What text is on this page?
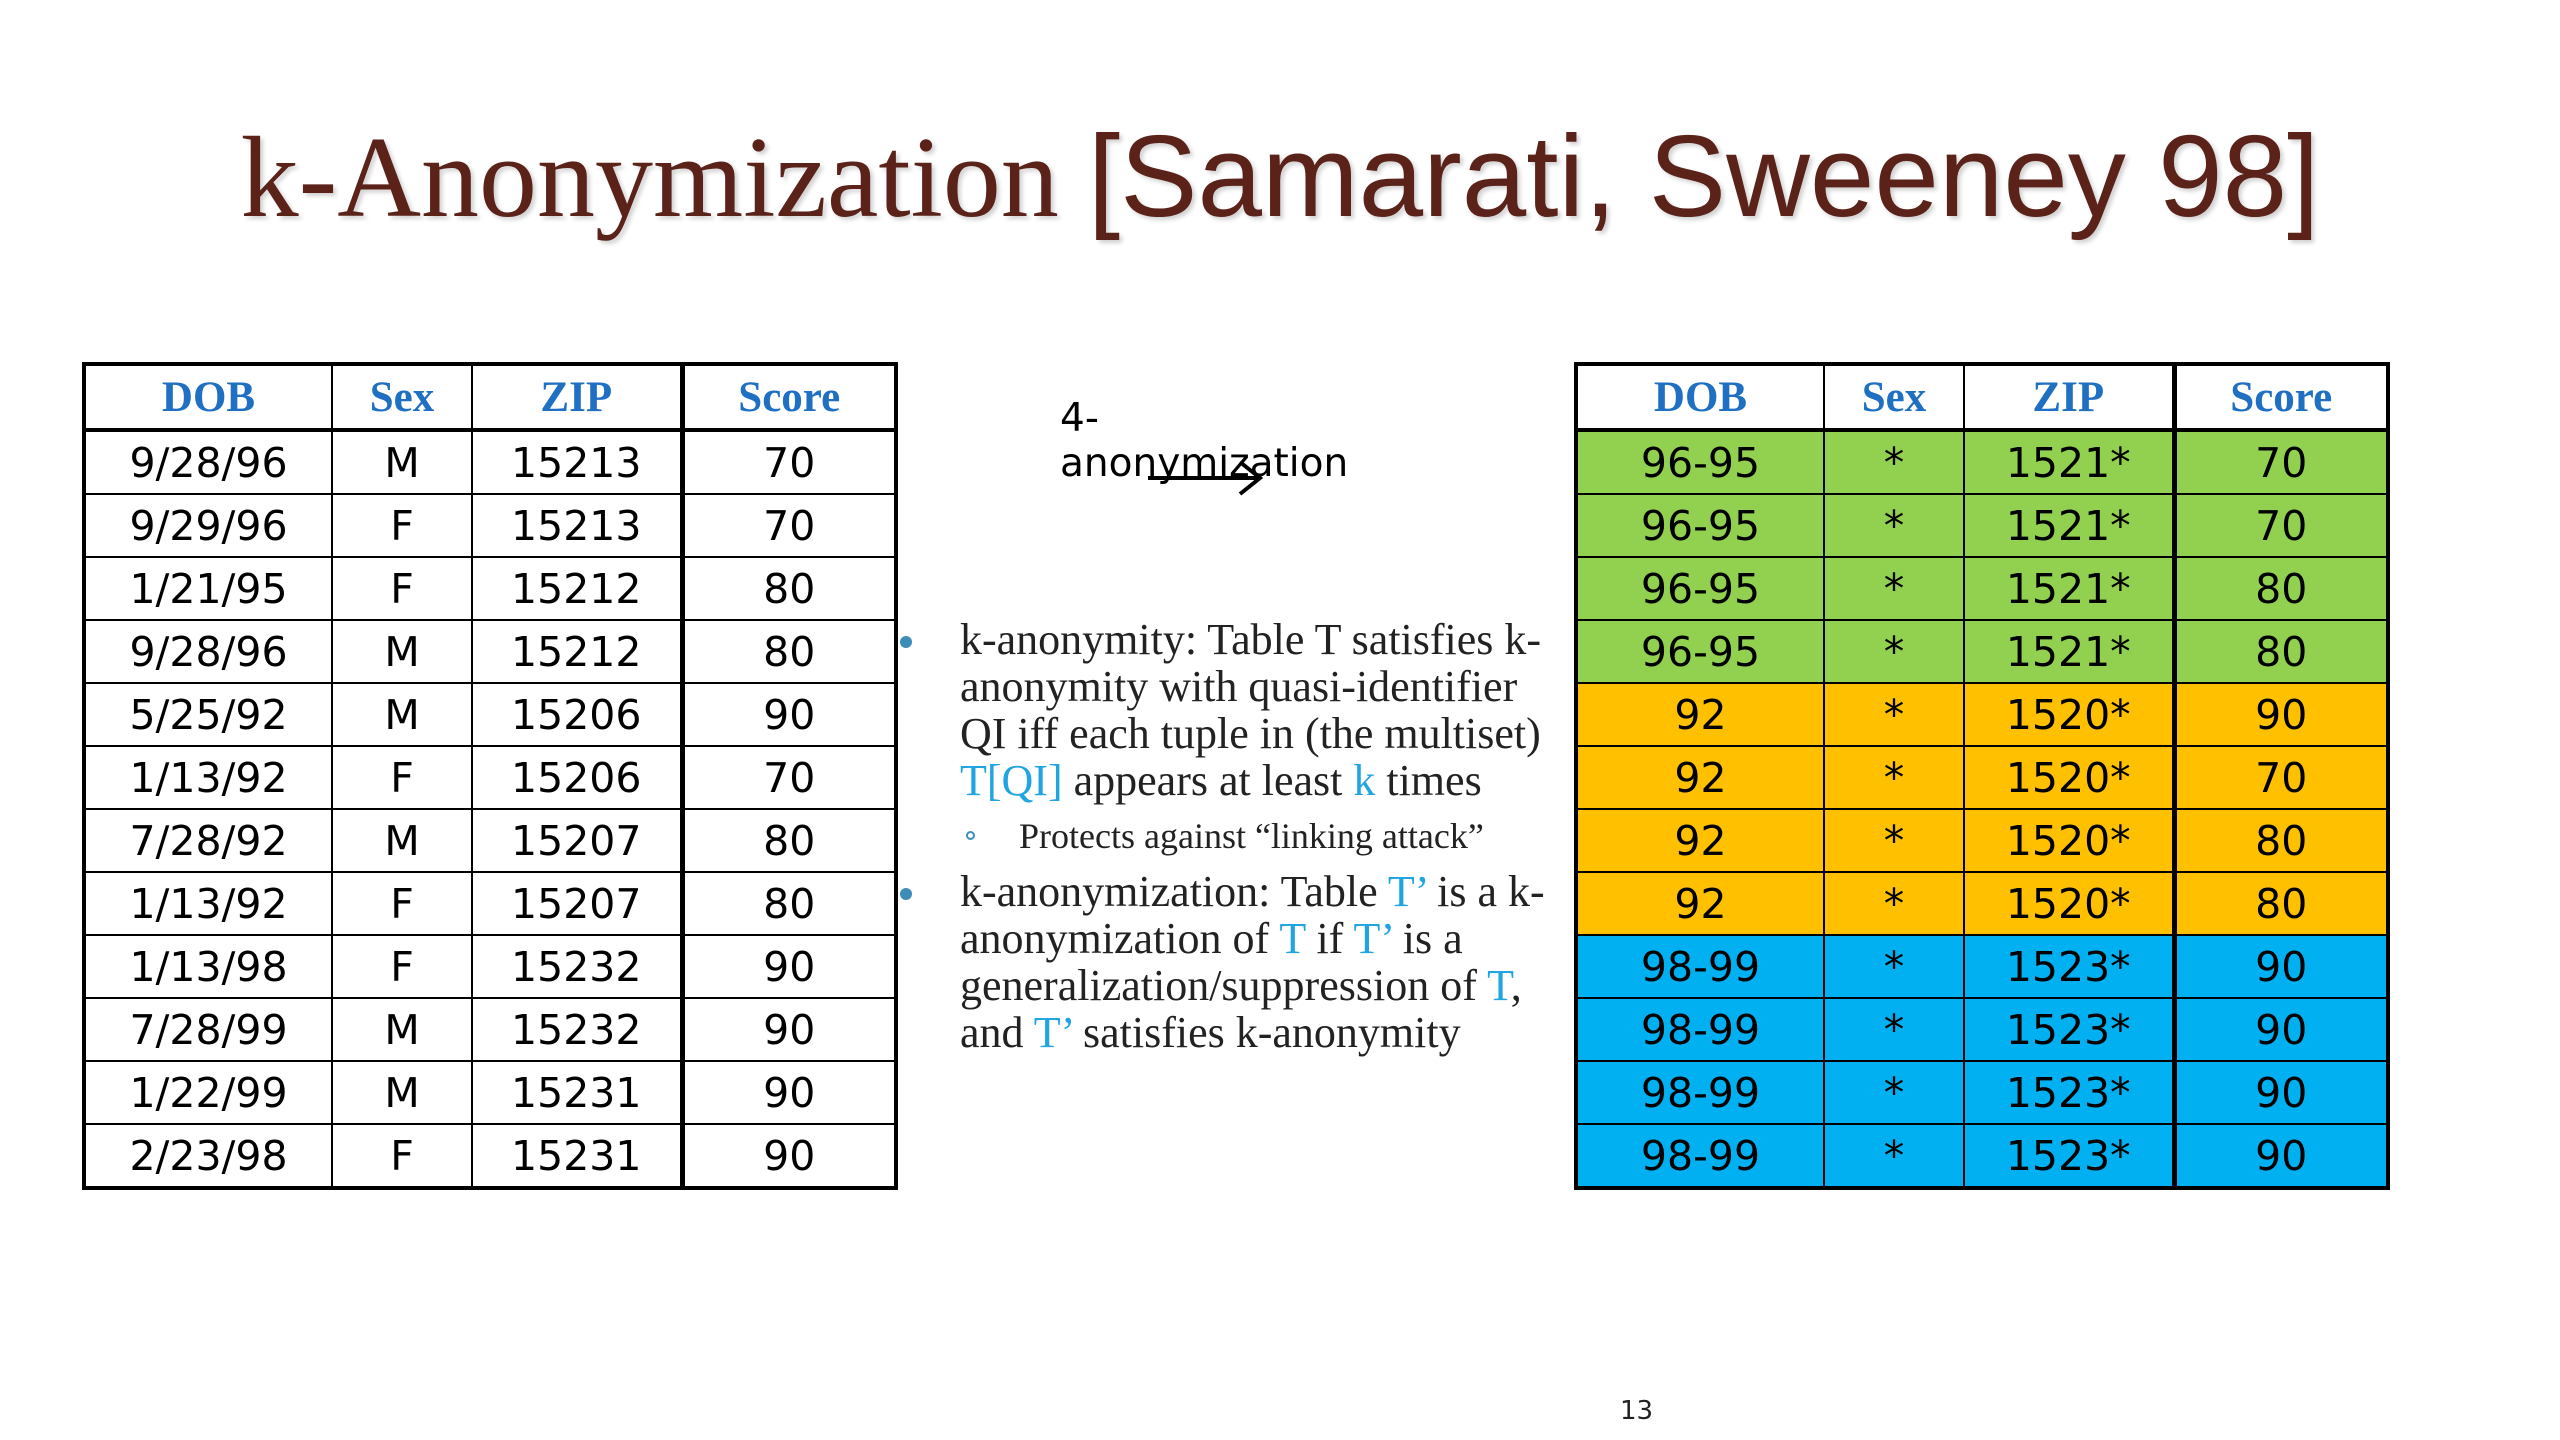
k-Anonymization [Samarati, Sweeney 98]
DOB	Sex	ZIP	Score
9/28/96	M	15213	70
9/29/96	F	15213	70
1/21/95	F	15212	80
9/28/96	M	15212	80
5/25/92	M	15206	90
1/13/92	F	15206	70
7/28/92	M	15207	80
1/13/92	F	15207	80
1/13/98	F	15232	90
7/28/99	M	15232	90
1/22/99	M	15231	90
2/23/98	F	15231	90
4-anonymization
k-anonymity: Table T satisfies k-anonymity with quasi-identifier QI iff each tuple in (the multiset) T[QI] appears at least k times
Protects against “linking attack”
k-anonymization: Table T’ is a k-anonymization of T if T’ is a generalization/suppression of T, and T’ satisfies k-anonymity
DOB	Sex	ZIP	Score
96-95	*	1521*	70
96-95	*	1521*	70
96-95	*	1521*	80
96-95	*	1521*	80
92	*	1520*	90
92	*	1520*	70
92	*	1520*	80
92	*	1520*	80
98-99	*	1523*	90
98-99	*	1523*	90
98-99	*	1523*	90
98-99	*	1523*	90
13
